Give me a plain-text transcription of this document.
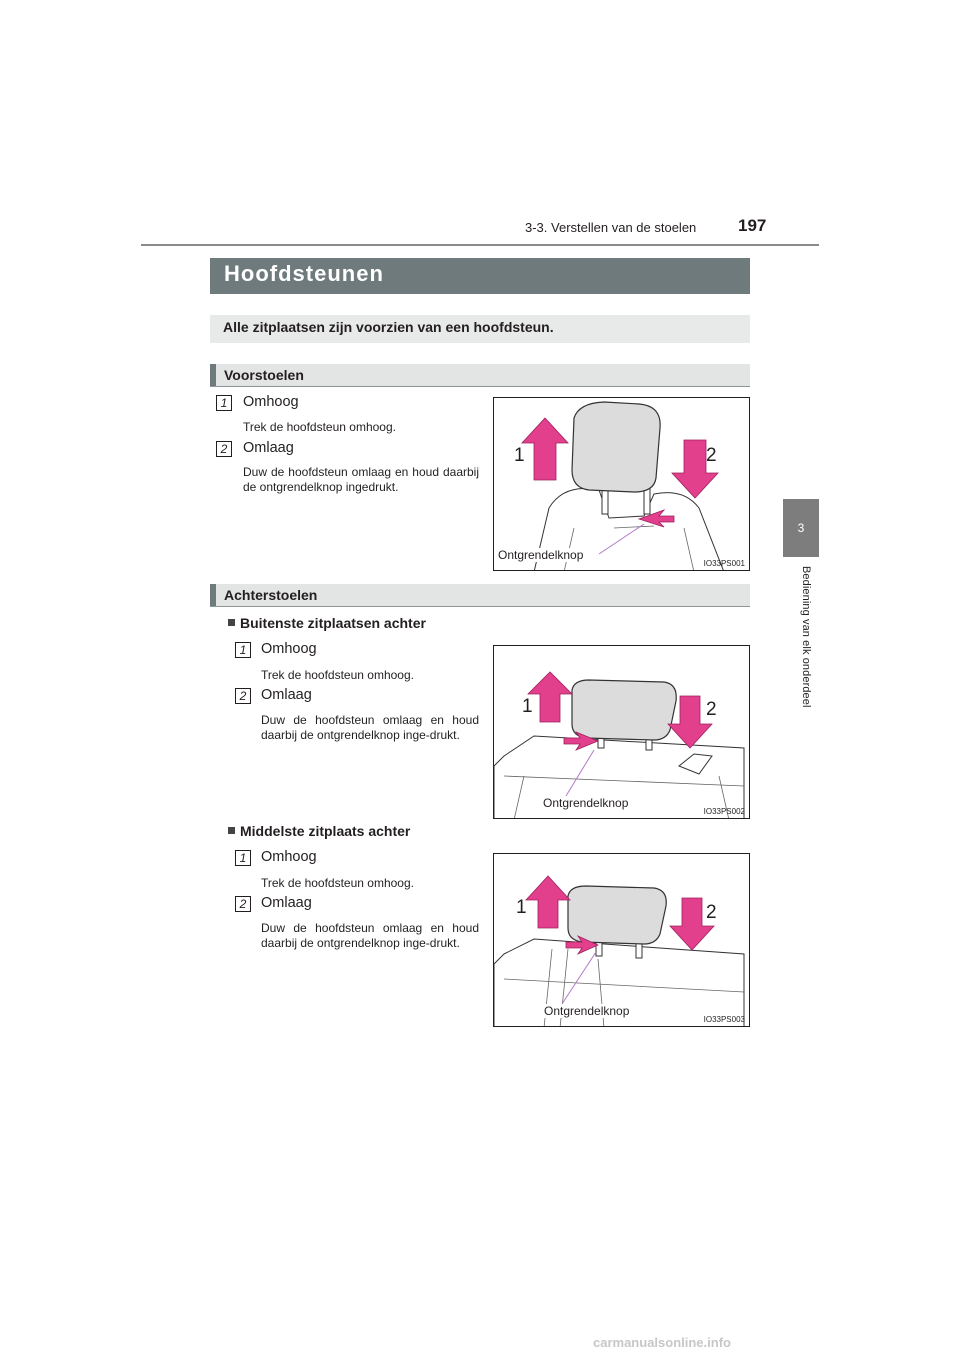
3-3. Verstellen van de stoelen 197
3
Bediening van elk onderdeel
Hoofdsteunen
Alle zitplaatsen zijn voorzien van een hoofdsteun.
Voorstoelen
1	Omhoog
Trek de hoofdsteun omhoog.
2	Omlaag
Duw de hoofdsteun omlaag en houd daarbij de ontgrendelknop ingedrukt.
1	2
Ontgrendelknop
IO33PS001
Achterstoelen
Buitenste zitplaatsen achter
1	Omhoog
Trek de hoofdsteun omhoog.
2	Omlaag
Duw de hoofdsteun omlaag en houd daarbij de ontgrendelknop inge-drukt.
1	2
Ontgrendelknop
IO33PS002
Middelste zitplaats achter
1	Omhoog
Trek de hoofdsteun omhoog.
2	Omlaag
Duw de hoofdsteun omlaag en houd daarbij de ontgrendelknop inge-drukt.
1	2
Ontgrendelknop
IO33PS003
carmanualsonline.info
